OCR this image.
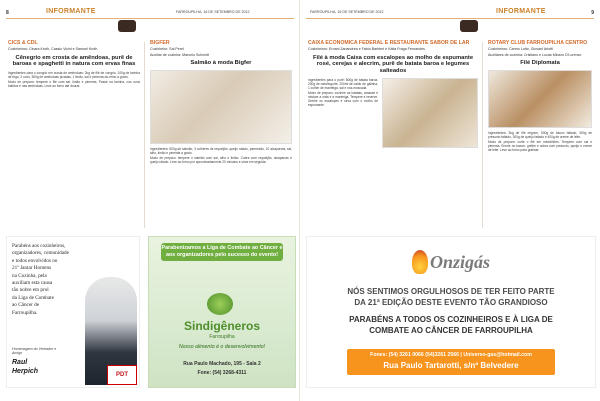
8	FARROUPILHA, 16 DE SETEMBRO DE 2012
INFORMANTE
CICS & CDL
Cozinheiros: Cinara Kroth, Cassio Vicini e Samuel Kroth
Cênegrio em crosta de amêndoas, purê de baroas e spaghetti in natura com ervas finas

Ingredientes para o congrio em crosta de amêndoas: 2kg de filé de congrio, 100g de farinha de trigo, 2 ovos, 500g de amêndoas picadas, 1 limão, sal e pimenta-do-reino a gosto.

Modo de preparo: tempere o filé com sal, limão e pimenta. Passe na farinha, nos ovos batidos e nas amêndoas. Leve ao forno até dourar.

BIGFER
Cozinheiro: Sal Perel
Auxiliar de cozinha: Marcelo Schmidt
Salmão à moda Bigfer

Ingredientes: 600g de salmão, 3 colheres de requeijão, queijo ralado, parmesão, 10 alcaparras, sal, alho, limão e pimenta a gosto.

Modo de preparo: tempere o salmão com sal, alho e limão. Cubra com requeijão, alcaparras e queijo ralado. Leve ao forno por aproximadamente 20 minutos e sirva em seguida.

Parabéns aos cozinheiros,
organizadores, comunidade
e todos envolvidos no
21º Jantar Homens
na Cozinha, pela
auxiliam esta causa
tão nobre em prol
da Liga de Combate
ao Câncer de
Farroupilha.
Homenagem do Vereador e Amigo
Raul
Herpich	PDT
Parabenizamos a Liga de Combate ao Câncer e aos organizadores pelo sucesso do evento!
Sindigêneros
Farroupilha
Nosso alimento é o desenvolvimento!
Rua Paulo Machado, 195 - Sala 2
Fone: (54) 3268-4311
FARROUPILHA, 16 DE SETEMBRO DE 2012	INFORMANTE	9
CAIXA ECONÔMICA FEDERAL E RESTAURANTE SABOR DE LAR
Cozinheiros: Ernani Zanandrea e Fábio Barbieri e Kátia Fraga Fernandes
Filé à moda Caixa com escalopes ao molho de espumante rosé, cerejas e alecrim, purê de batata baroa e legumes salteados

Ingredientes para o purê: 800g de batata baroa, 200g de nata/iogurte, 200ml de caldo de galinha, 1 colher de manteiga, sal e noz-moscada.

Modo de preparo: cozinhe as batatas, amasse e misture a nata e a manteiga. Tempere e reserve. Grelhe os escalopes e sirva com o molho de espumante.

ROTARY CLUB FARROUPILHA CENTRO
Cozinheiros: Carmo Lotto, Giovani Ariotti
Auxiliares de cozinha: Cristiano e Lucas Miozzo D'Lorenzo
Filé Diplomata

Ingredientes: 3kg de filé mignon, 500g de bacon fatiado, 300g de presunto fatiado, 300g de queijo fatiado e 400g de creme de leite.

Modo de preparo: corte o filé em medalhões. Tempere com sal e pimenta. Enrole no bacon, grelhe e cubra com presunto, queijo e creme de leite. Leve ao forno para gratinar.

Onzigás
NÓS SENTIMOS ORGULHOSOS DE TER FEITO PARTE
DA 21ª EDIÇÃO DESTE EVENTO TÃO GRANDIOSO
PARABÉNS A TODOS OS COZINHEIROS E À LIGA DE
COMBATE AO CÂNCER DE FARROUPILHA
Fones: (54) 3261 0066 (54)3261 2566 | Universo-gas@hotmail.com
Rua Paulo Tartarotti, s/nº Belvedere
